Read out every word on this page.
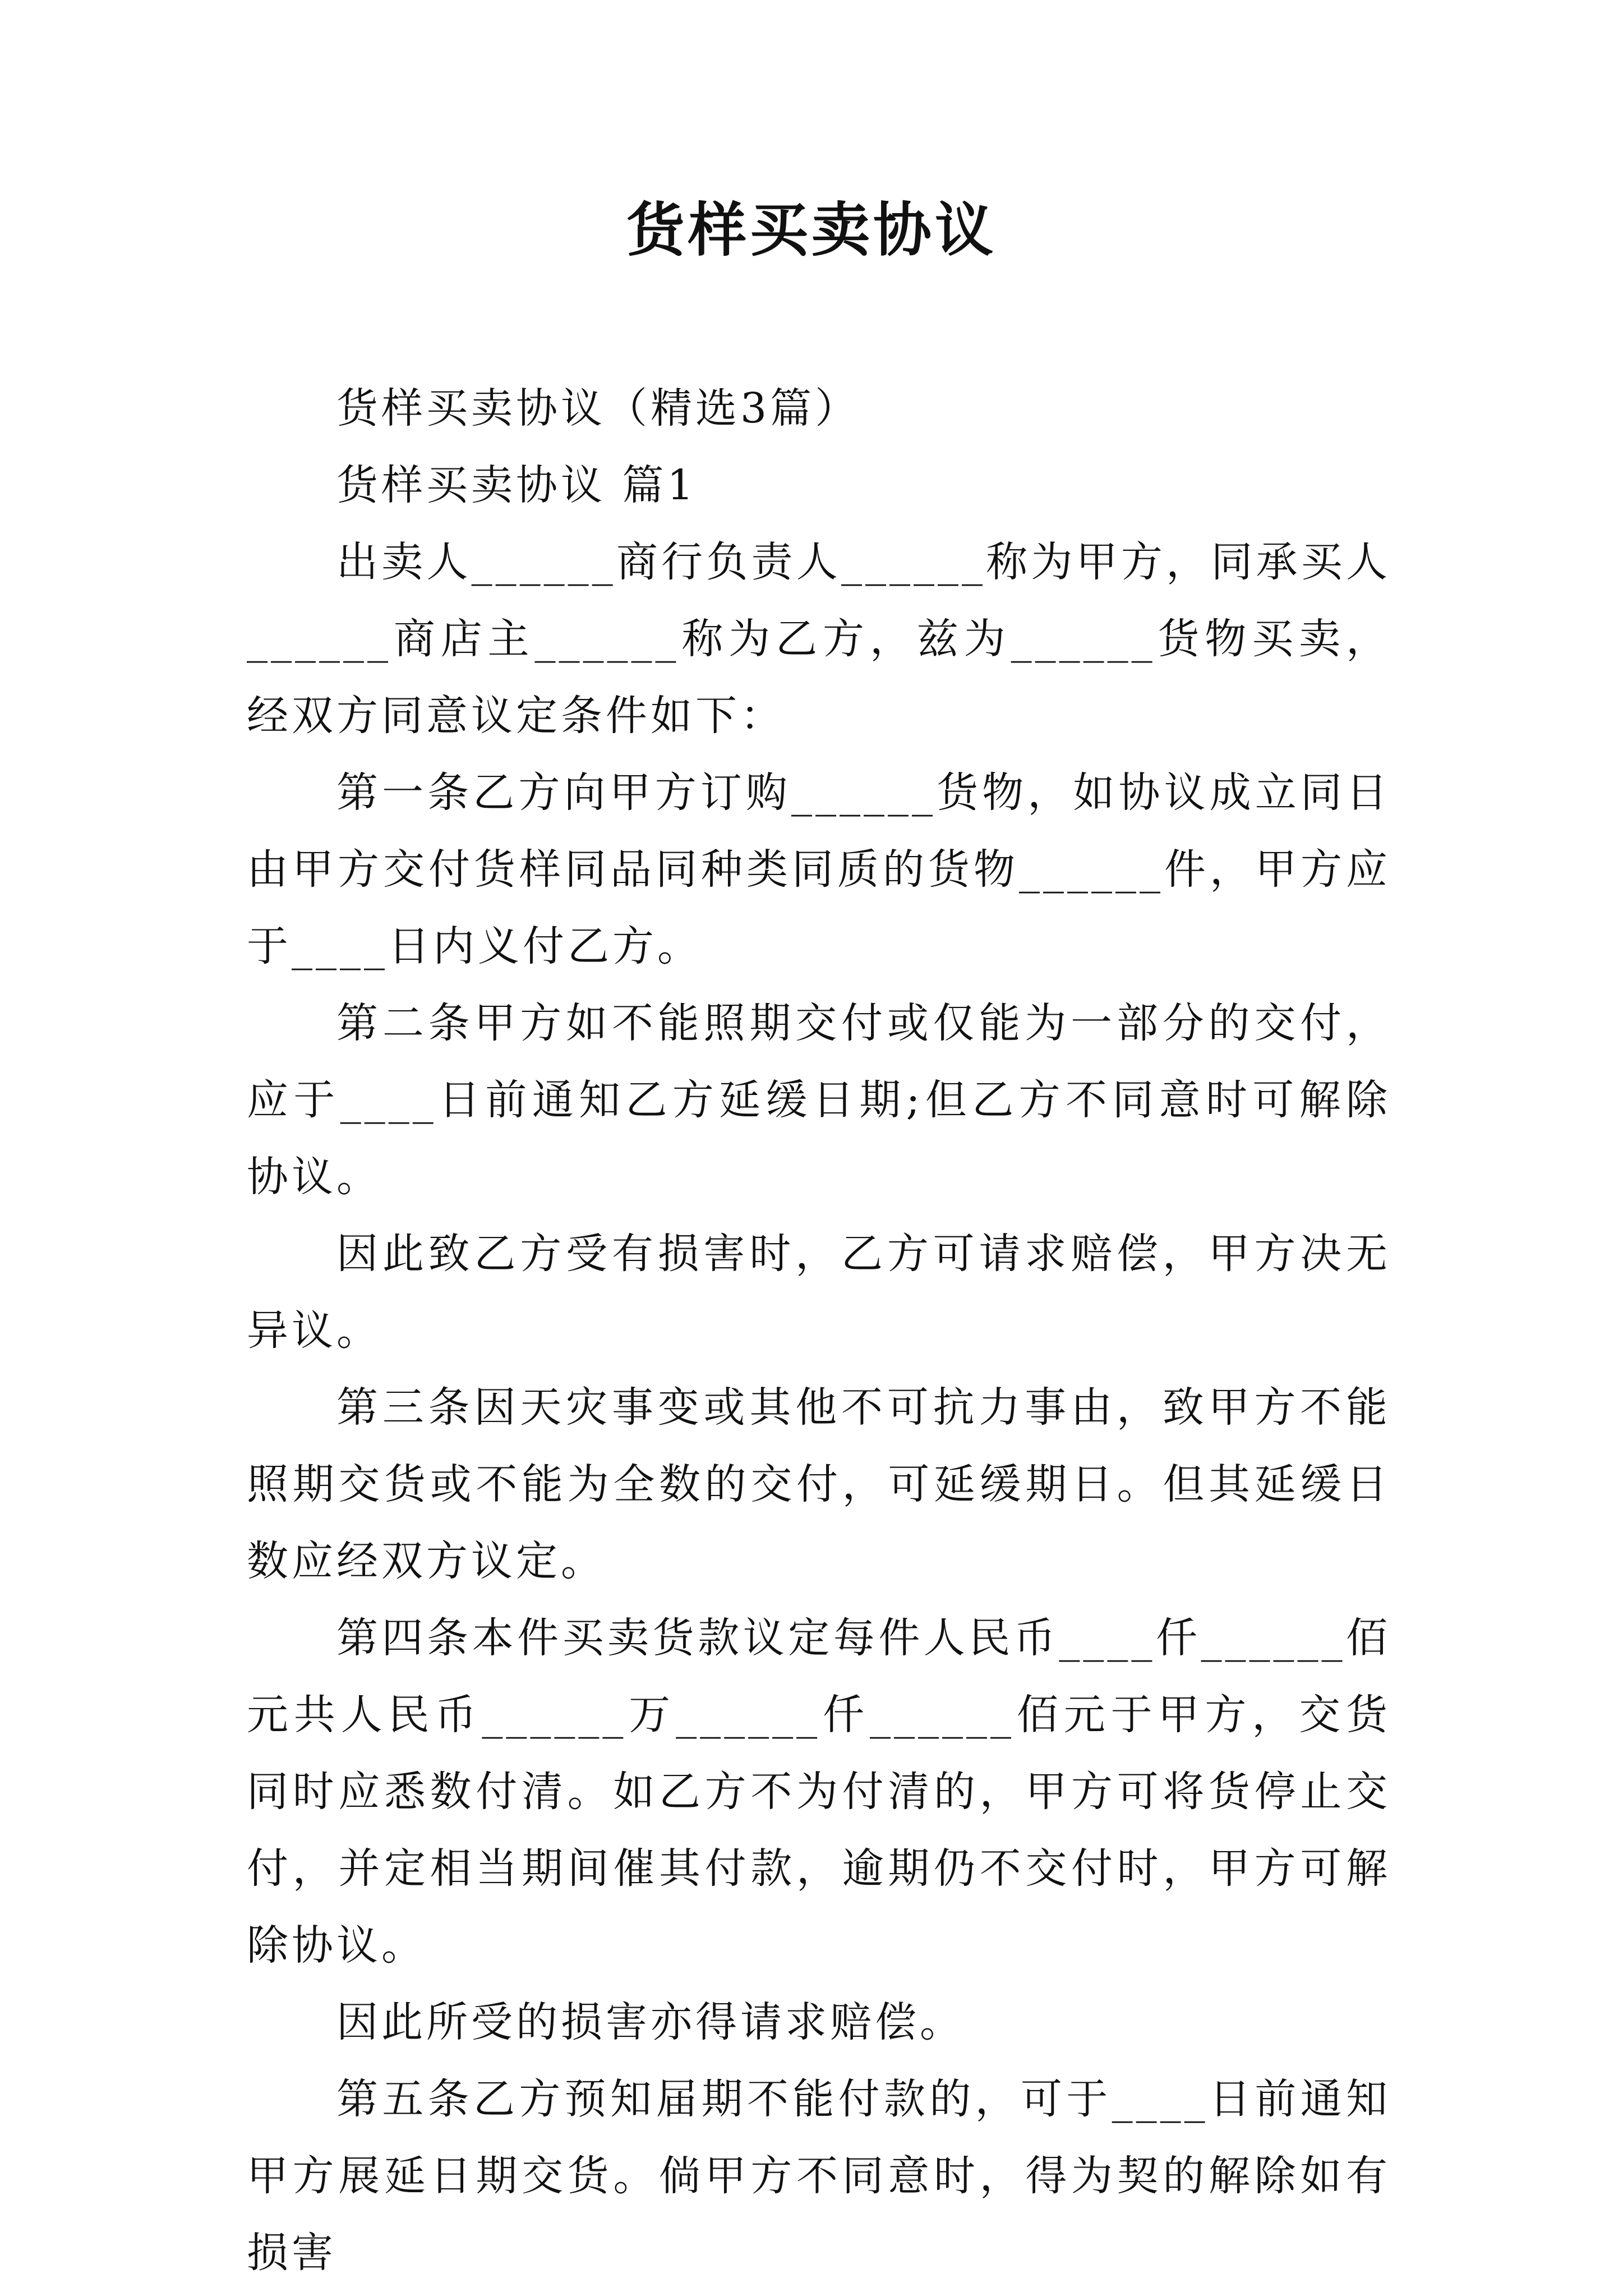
货样买卖协议

货样买卖协议（精选3篇）

货样买卖协议 篇1

出卖人______商行负责人______称为甲方，同承买人______商店主______称为乙方，兹为______货物买卖，经双方同意议定条件如下：

第一条乙方向甲方订购______货物，如协议成立同日由甲方交付货样同品同种类同质的货物______件，甲方应于____日内义付乙方。

第二条甲方如不能照期交付或仅能为一部分的交付，应于____日前通知乙方延缓日期;但乙方不同意时可解除协议。

因此致乙方受有损害时，乙方可请求赔偿，甲方决无异议。

第三条因天灾事变或其他不可抗力事由，致甲方不能照期交货或不能为全数的交付，可延缓期日。但其延缓日数应经双方议定。

第四条本件买卖货款议定每件人民币____仟______佰元共人民币______万______仟______佰元于甲方，交货同时应悉数付清。如乙方不为付清的，甲方可将货停止交付，并定相当期间催其付款，逾期仍不交付时，甲方可解除协议。

因此所受的损害亦得请求赔偿。

第五条乙方预知届期不能付款的，可于____日前通知甲方展延日期交货。倘甲方不同意时，得为契的解除如有损害
